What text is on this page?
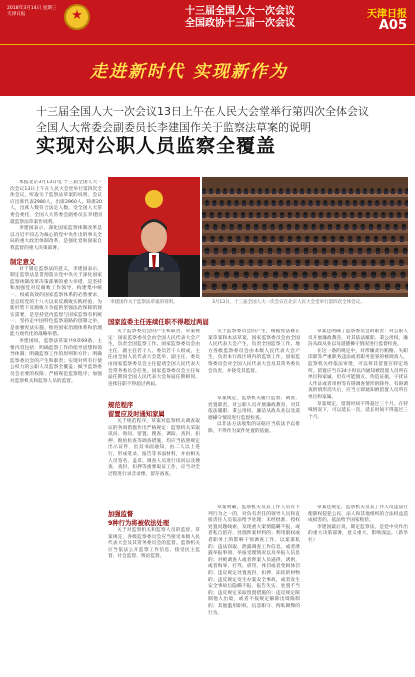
2018年3月14日 星期三 天津日报
★	十三届全国人大一次会议
全国政协十三届一次会议
天津日报
A05
走进新时代 实现新作为
十三届全国人大一次会议13日上午在人民大会堂举行第四次全体会议
全国人大常委会副委员长李建国作关于监察法草案的说明
实现对公职人员监察全覆盖

本报北京3月13日电 十三届全国人大一次会议13日上午在人民大会堂举行第四次全体会议，听取关于监察法草案的说明。会议应出席代表2980人，出席2960人，缺席20人，出席人数符合法定人数。受全国人大常委会委托，全国人大常委会副委员长李建国就监察法草案作说明。

李建国表示，深化国家监察体制改革是以习近平同志为核心的党中央作出的事关全局的重大政治体制改革，是强化党和国家自我监督的重大决策部署。

制定意义

对于制定监察法的意义，李建国表示，制定监察法是贯彻落实党中央关于深化国家监察体制改革决策部署的重大举措，是坚持和加强党对反腐败工作领导、构建集中统一、权威高效的国家监察体系的必然要求，是总结党的十八大以来反腐败实践经验、为新形势下反腐败斗争提供坚强法治保障的现实需要，是坚持党内监督与国家监察有机统一、坚持走中国特色监察道路的创制之举，是加强宪法实施、推进国家治理体系和治理能力现代化的战略举措。

李建国说，监察法草案共9章69条，主要内容包括：明确监察工作的指导思想和领导体制；明确监察工作的原则和方针；明确监察委员会的产生和职责；实现对所有行使公权力的公职人员监察全覆盖；赋予监察委员会必要的权限；严格规范监察程序；加强对监察机关和监察人员的监督。

李建国作关于监察法草案的说明。	3月13日，十三届全国人大一次会议在北京人民大会堂举行第四次全体会议。
国家监委主任连续任职不得超过两届

关于监察委员会的产生和职责，草案规定：国家监察委员会由全国人民代表大会产生，负责全国监察工作。国家监察委员会由主任、副主任若干人、委员若干人组成，主任由全国人民代表大会选举，副主任、委员由国家监察委员会主任提请全国人民代表大会常务委员会任免。国家监察委员会主任每届任期同全国人民代表大会每届任期相同，连续任职不得超过两届。

关于监察委员会的产生，根据宪法修正案草案和本法草案，国家监察委员会由全国人民代表大会产生，负责全国监察工作。地方各级监察委员会由本级人民代表大会产生，负责本行政区域内的监察工作。国家监察委员会对全国人民代表大会及其常务委员会负责，并接受其监督。

草案还明确了监察委员会的职责：对公职人员开展廉政教育，对其依法履职、秉公用权、廉洁从政从业以及道德操守情况进行监督检查。

在这一条的规定中，对涉嫌贪污贿赂、失职渎职等严重职务违法或者职务犯罪的被调查人，监察机关经依法审批，可以将其留置在特定场所。留置应当在24小时以内通知被留置人员所在单位和家属，但有可能毁灭、伪造证据，干扰证人作证或者串供等有碍调查情形的除外。有碍调查的情形消失后，应当立即通知被留置人员所在单位和家属。

草案规定，留置时间不得超过三个月。在特殊情况下，可以延长一次，延长时间不得超过三个月。

规范程序
留置应及时通知家属

关于规范程序，草案对监察机关调查取证的各项措施作出严格规定：监察机关采取讯问、询问、留置、搜查、调取、查封、扣押、勘验检查等调查措施，均应当依照规定出示证件，出具书面通知，由二人以上进行，形成笔录、报告等书面材料，并由相关人员签名、盖章。调查人员进行讯问以及搜查、查封、扣押等重要取证工作，应当对全过程进行录音录像，留存备查。

草案规定，监察机关履行监督、调查、处置职责，对公职人员开展廉政教育，对其依法履职、秉公用权、廉洁从政从业以及道德操守情况进行监督检查。

以非法方法收集的证据应当依法予以排除，不得作为案件处置的依据。

加强监督
9种行为将被依法处理

关于对监察机关和监察人员的监督，草案规定，各级监察委员会应当接受本级人民代表大会及其常务委员会的监督。监察机关应当依法公开监察工作信息，接受民主监督、社会监督、舆论监督。

草案明确，监察机关及其工作人员有下列行为之一的，对负有责任的领导人员和直接责任人员依法给予处理：未经批准、授权处置问题线索，发现重大案情隐瞒不报，或者私自留存、处理涉案材料的；利用职权或者职务上的影响干预调查工作、以案谋私的；违法窃取、泄露调查工作信息，或者泄露举报事项、举报受理情况以及举报人信息的；对被调查人或者涉案人员逼供、诱供，或者侮辱、打骂、虐待、体罚或者变相体罚的；违反规定处置查封、扣押、冻结的财物的；违反规定发生办案安全事故，或者发生安全事故后隐瞒不报、报告失实、处置不当的；违反规定采取留置措施的；违反规定限制他人出境，或者不按规定解除出境限制的；其他滥用职权、玩忽职守、徇私舞弊的行为。

草案还规定，监察机关及其工作人员违法行使职权侵犯公民、法人和其他组织的合法权益造成损害的，依法给予国家赔偿。

李建国最后说，制定监察法，是党中央作出的重大决策部署，意义重大、影响深远。（新华社）
